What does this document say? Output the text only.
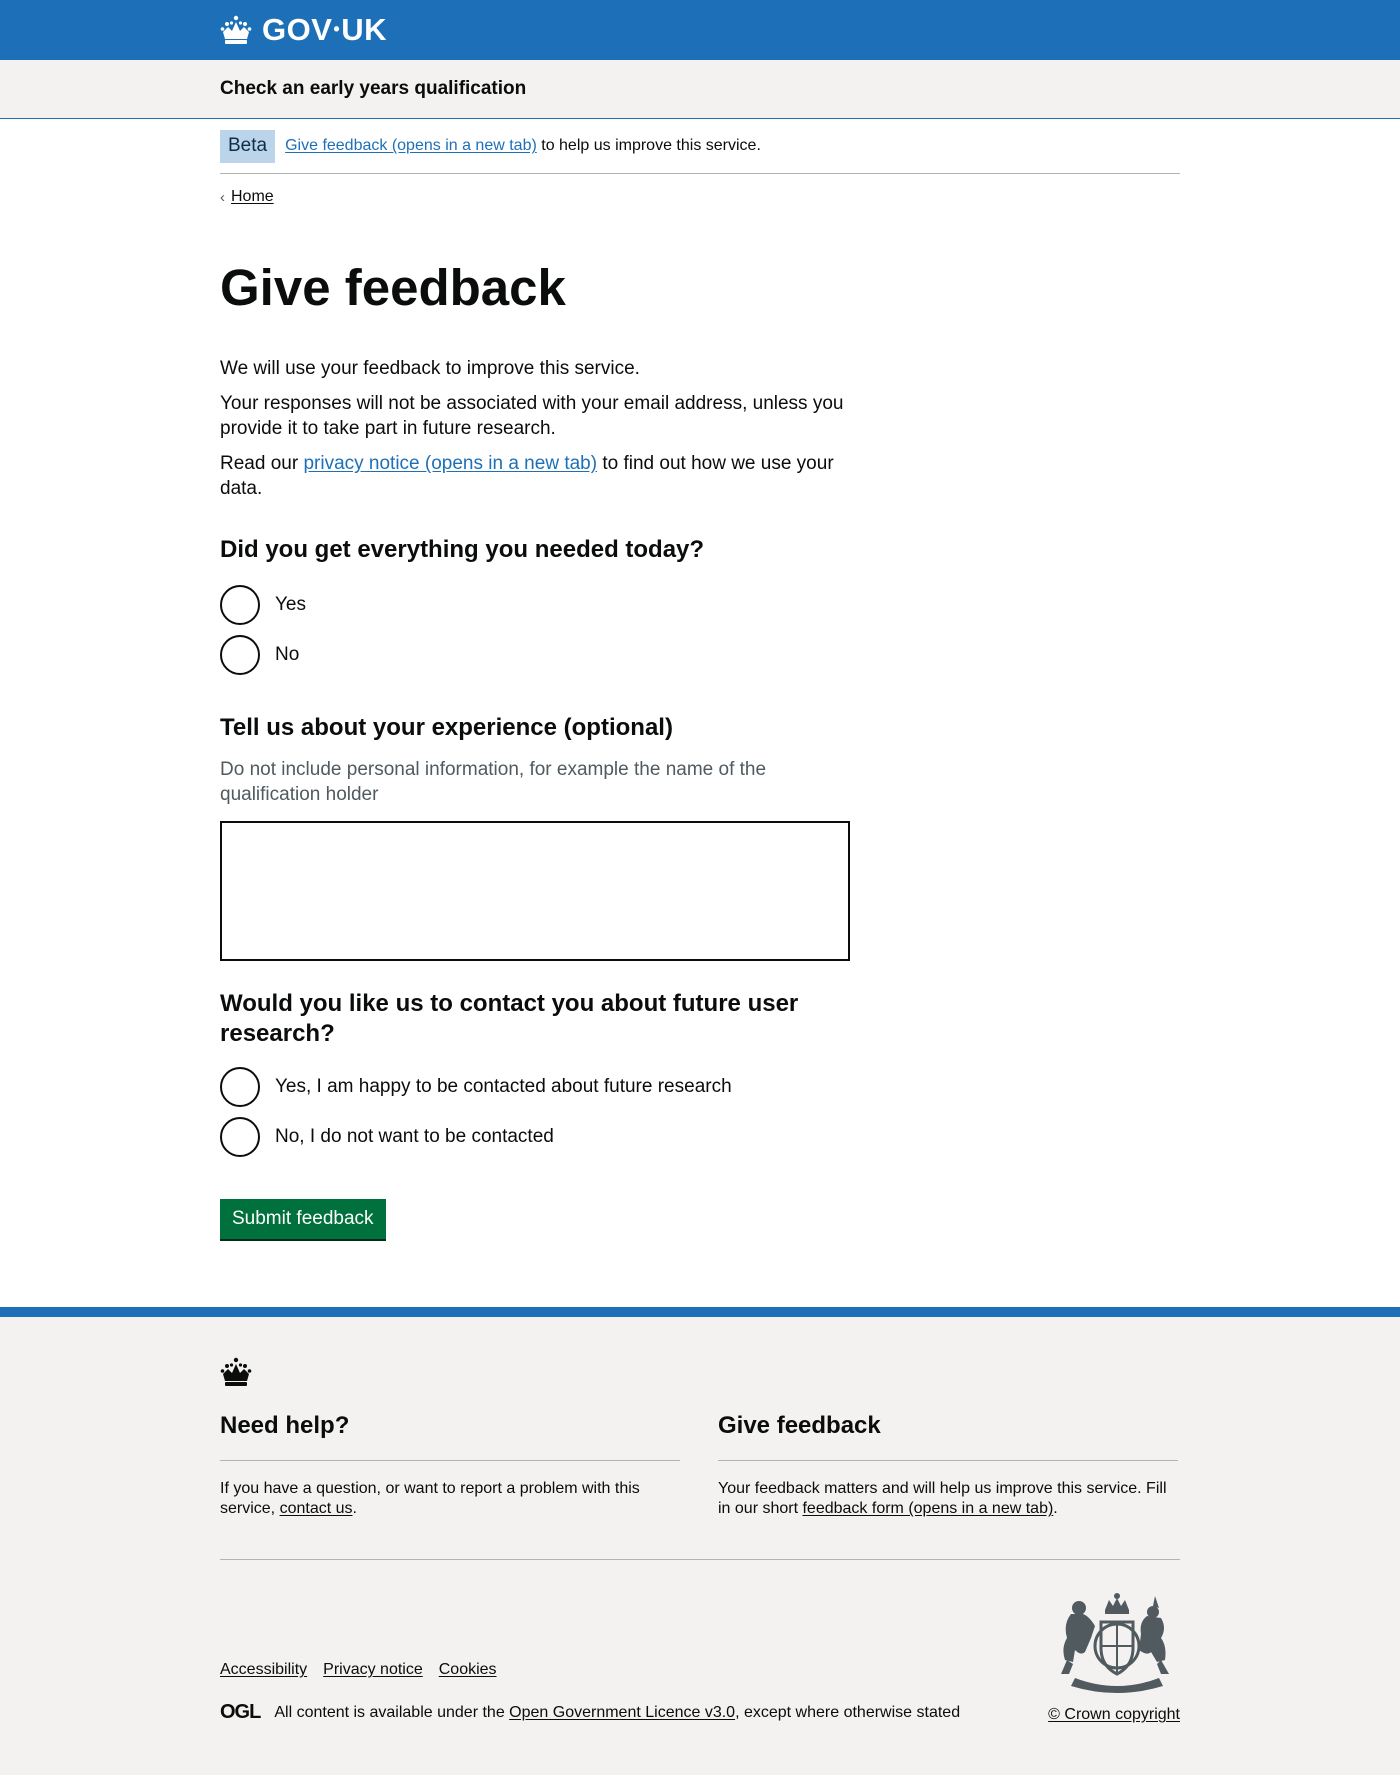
GOV • UK
Check an early years qualification
Beta	Give feedback (opens in a new tab) to help us improve this service.
‹ Home
Give feedback

We will use your feedback to improve this service.

Your responses will not be associated with your email address, unless you provide it to take part in future research.

Read our privacy notice (opens in a new tab) to find out how we use your data.

Did you get everything you needed today?
Yes
No
Tell us about your experience (optional)
Do not include personal information, for example the name of the qualification holder
Would you like us to contact you about future user research?
Yes, I am happy to be contacted about future research
No, I do not want to be contacted
Submit feedback
Need help?

If you have a question, or want to report a problem with this service, contact us.

Give feedback

Your feedback matters and will help us improve this service. Fill in our short feedback form (opens in a new tab).

Accessibility Privacy notice Cookies
OGL All content is available under the
Open Government Licence v3.0 , except where otherwise stated	© Crown copyright
